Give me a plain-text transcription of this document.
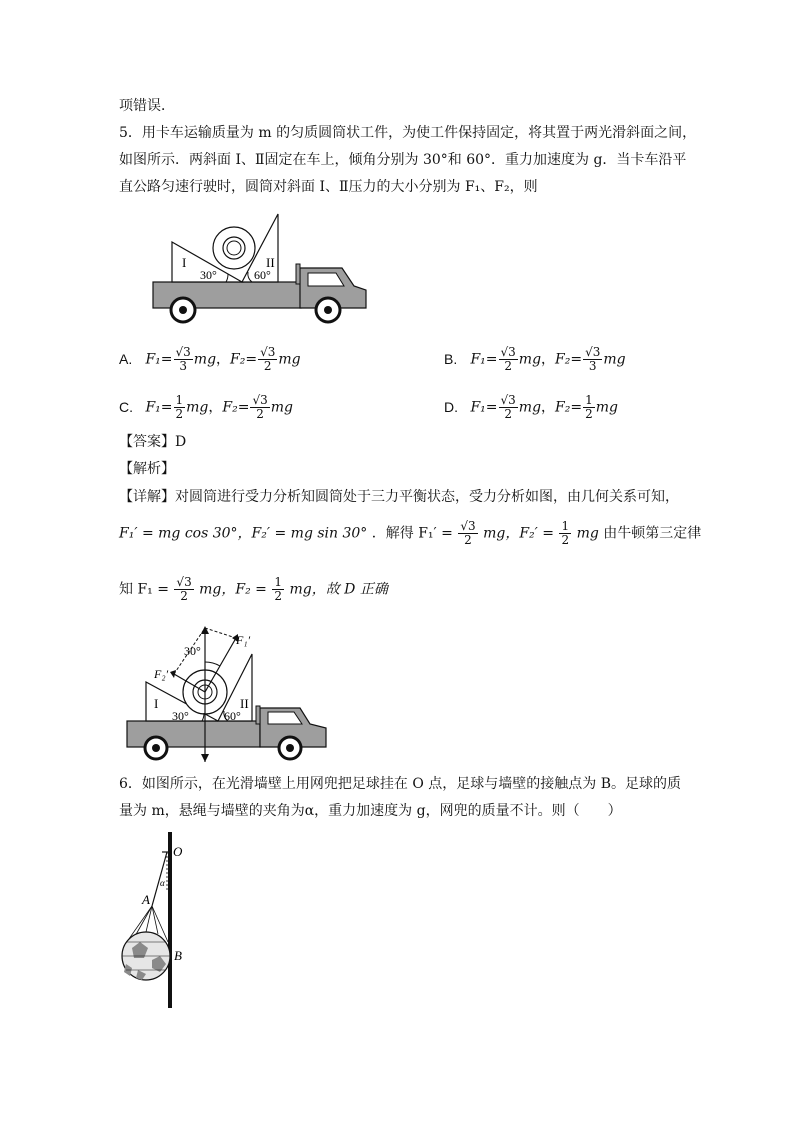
项错误．
5．用卡车运输质量为 m 的匀质圆筒状工件，为使工件保持固定，将其置于两光滑斜面之间，
如图所示．两斜面 I、Ⅱ固定在车上，倾角分别为 30°和 60°．重力加速度为 g．当卡车沿平
直公路匀速行驶时，圆筒对斜面 I、Ⅱ压力的大小分别为 F₁、F₂，则
I	II
30°	60°
A. $F_1= \frac{√3}{3}$ mg，$F_2= \frac{√3}{2}$ mg	B. $F_1= \frac{√3}{2}$ mg，$F_2= \frac{√3}{3}$ mg
C. $F_1= \frac{1}{2}$ mg，$F_2= \frac{√3}{2}$ mg	D. $F_1= \frac{√3}{2}$ mg，$F_2= \frac{1}{2}$ mg
【答案】D
【解析】
【详解】对圆筒进行受力分析知圆筒处于三力平衡状态，受力分析如图，由几何关系可知，
F₁′ = mg cos 30°，F₂′ = mg sin 30° ．解得 $F_1' = \frac{√3}{2}$ mg，$F_2' = \frac{1}{2}$ mg 由牛顿第三定律
知 $F_1 = \frac{√3}{2}$ mg，$F_2 = \frac{1}{2}$ mg，故 D 正确
30°
F₁′
F₂′
I	II
30°	60°
6．如图所示，在光滑墙壁上用网兜把足球挂在 O 点，足球与墙壁的接触点为 B。足球的质
量为 m，悬绳与墙壁的夹角为α，重力加速度为 g，网兜的质量不计。则（　　）
O
α
A
B
